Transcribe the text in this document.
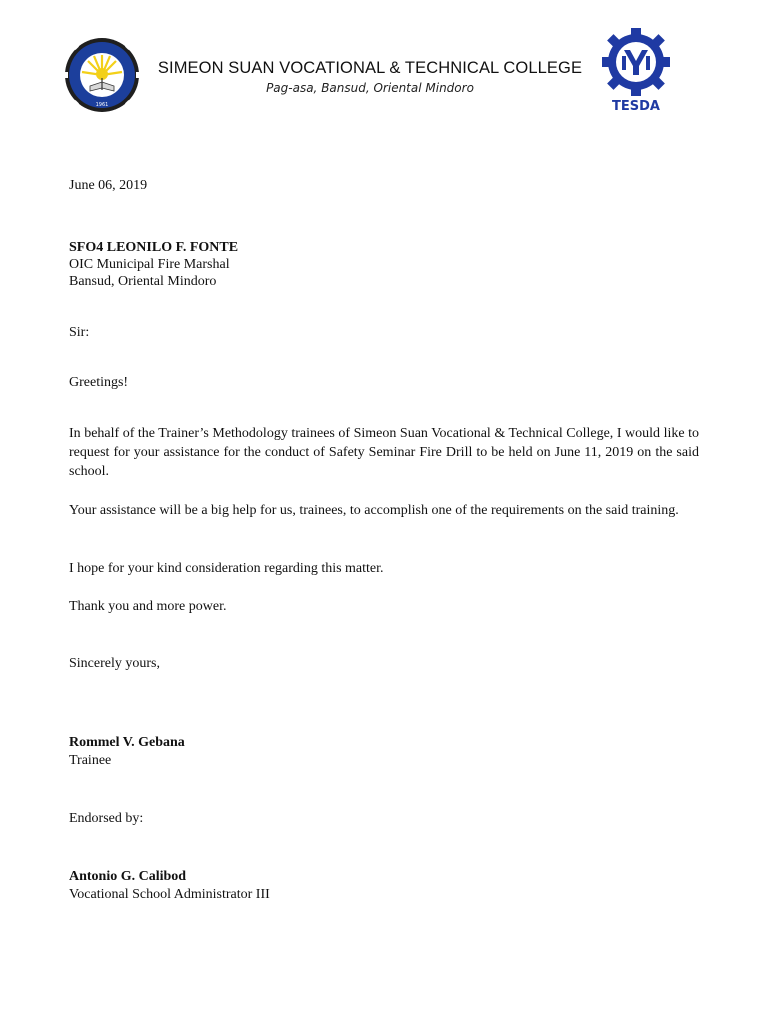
1961
SIMEON SUAN VOCATIONAL & TECHNICAL COLLEGE
Pag-asa, Bansud, Oriental Mindoro
TESDA
June 06, 2019
SFO4 LEONILO F. FONTE
OIC Municipal Fire Marshal
Bansud, Oriental Mindoro
Sir:
Greetings!
In behalf of the Trainer’s Methodology trainees of Simeon Suan Vocational & Technical College, I would like to request for your assistance for the conduct of Safety Seminar Fire Drill to be held on June 11, 2019 on the said school.
Your assistance will be a big help for us, trainees, to accomplish one of the requirements on the said training.
I hope for your kind consideration regarding this matter.
Thank you and more power.
Sincerely yours,
Rommel V. Gebana
Trainee
Endorsed by:
Antonio G. Calibod
Vocational School Administrator III
